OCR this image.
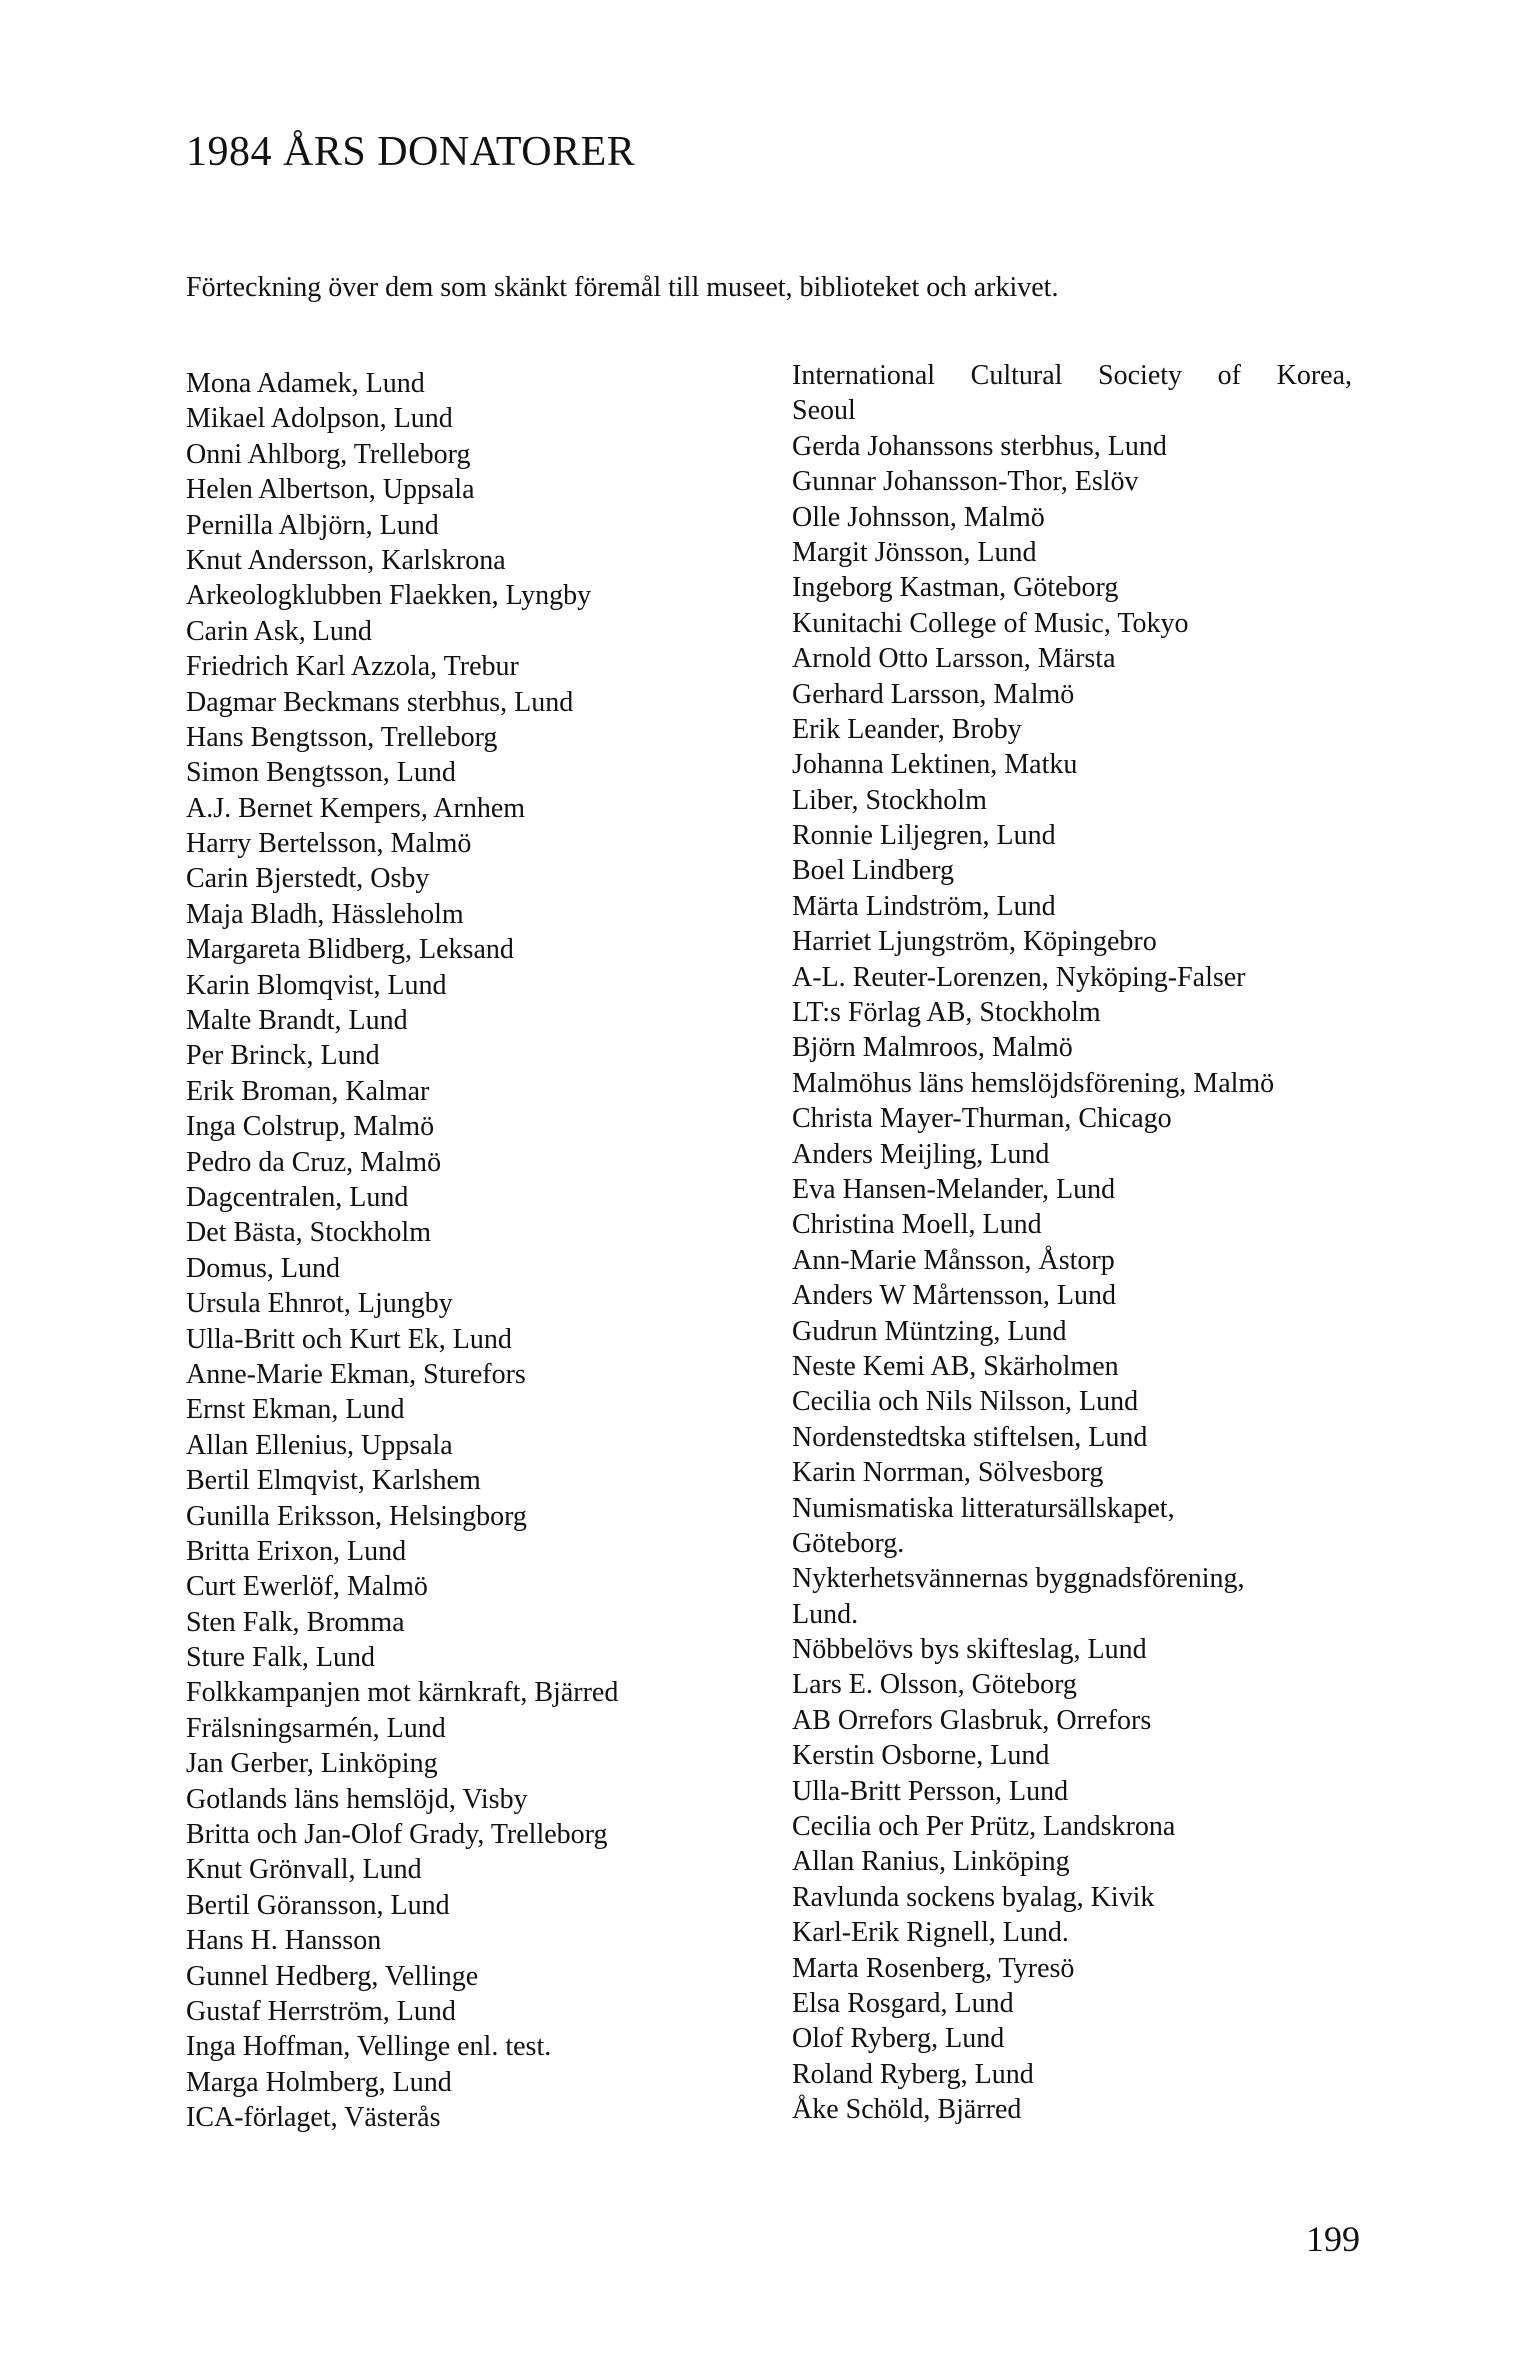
1984 ÅRS DONATORER

Förteckning över dem som skänkt föremål till museet, biblioteket och arkivet.

Mona Adamek, Lund
Mikael Adolpson, Lund
Onni Ahlborg, Trelleborg
Helen Albertson, Uppsala
Pernilla Albjörn, Lund
Knut Andersson, Karlskrona
Arkeologklubben Flaekken, Lyngby
Carin Ask, Lund
Friedrich Karl Azzola, Trebur
Dagmar Beckmans sterbhus, Lund
Hans Bengtsson, Trelleborg
Simon Bengtsson, Lund
A.J. Bernet Kempers, Arnhem
Harry Bertelsson, Malmö
Carin Bjerstedt, Osby
Maja Bladh, Hässleholm
Margareta Blidberg, Leksand
Karin Blomqvist, Lund
Malte Brandt, Lund
Per Brinck, Lund
Erik Broman, Kalmar
Inga Colstrup, Malmö
Pedro da Cruz, Malmö
Dagcentralen, Lund
Det Bästa, Stockholm
Domus, Lund
Ursula Ehnrot, Ljungby
Ulla-Britt och Kurt Ek, Lund
Anne-Marie Ekman, Sturefors
Ernst Ekman, Lund
Allan Ellenius, Uppsala
Bertil Elmqvist, Karlshem
Gunilla Eriksson, Helsingborg
Britta Erixon, Lund
Curt Ewerlöf, Malmö
Sten Falk, Bromma
Sture Falk, Lund
Folkkampanjen mot kärnkraft, Bjärred
Frälsningsarmén, Lund
Jan Gerber, Linköping
Gotlands läns hemslöjd, Visby
Britta och Jan-Olof Grady, Trelleborg
Knut Grönvall, Lund
Bertil Göransson, Lund
Hans H. Hansson
Gunnel Hedberg, Vellinge
Gustaf Herrström, Lund
Inga Hoffman, Vellinge enl. test.
Marga Holmberg, Lund
ICA-förlaget, Västerås
International Cultural Society of Korea,
Seoul
Gerda Johanssons sterbhus, Lund
Gunnar Johansson-Thor, Eslöv
Olle Johnsson, Malmö
Margit Jönsson, Lund
Ingeborg Kastman, Göteborg
Kunitachi College of Music, Tokyo
Arnold Otto Larsson, Märsta
Gerhard Larsson, Malmö
Erik Leander, Broby
Johanna Lektinen, Matku
Liber, Stockholm
Ronnie Liljegren, Lund
Boel Lindberg
Märta Lindström, Lund
Harriet Ljungström, Köpingebro
A-L. Reuter-Lorenzen, Nyköping-Falser
LT:s Förlag AB, Stockholm
Björn Malmroos, Malmö
Malmöhus läns hemslöjdsförening, Malmö
Christa Mayer-Thurman, Chicago
Anders Meijling, Lund
Eva Hansen-Melander, Lund
Christina Moell, Lund
Ann-Marie Månsson, Åstorp
Anders W Mårtensson, Lund
Gudrun Müntzing, Lund
Neste Kemi AB, Skärholmen
Cecilia och Nils Nilsson, Lund
Nordenstedtska stiftelsen, Lund
Karin Norrman, Sölvesborg
Numismatiska litteratursällskapet,
Göteborg.
Nykterhetsvännernas byggnadsförening,
Lund.
Nöbbelövs bys skifteslag, Lund
Lars E. Olsson, Göteborg
AB Orrefors Glasbruk, Orrefors
Kerstin Osborne, Lund
Ulla-Britt Persson, Lund
Cecilia och Per Prütz, Landskrona
Allan Ranius, Linköping
Ravlunda sockens byalag, Kivik
Karl-Erik Rignell, Lund.
Marta Rosenberg, Tyresö
Elsa Rosgard, Lund
Olof Ryberg, Lund
Roland Ryberg, Lund
Åke Schöld, Bjärred

199
